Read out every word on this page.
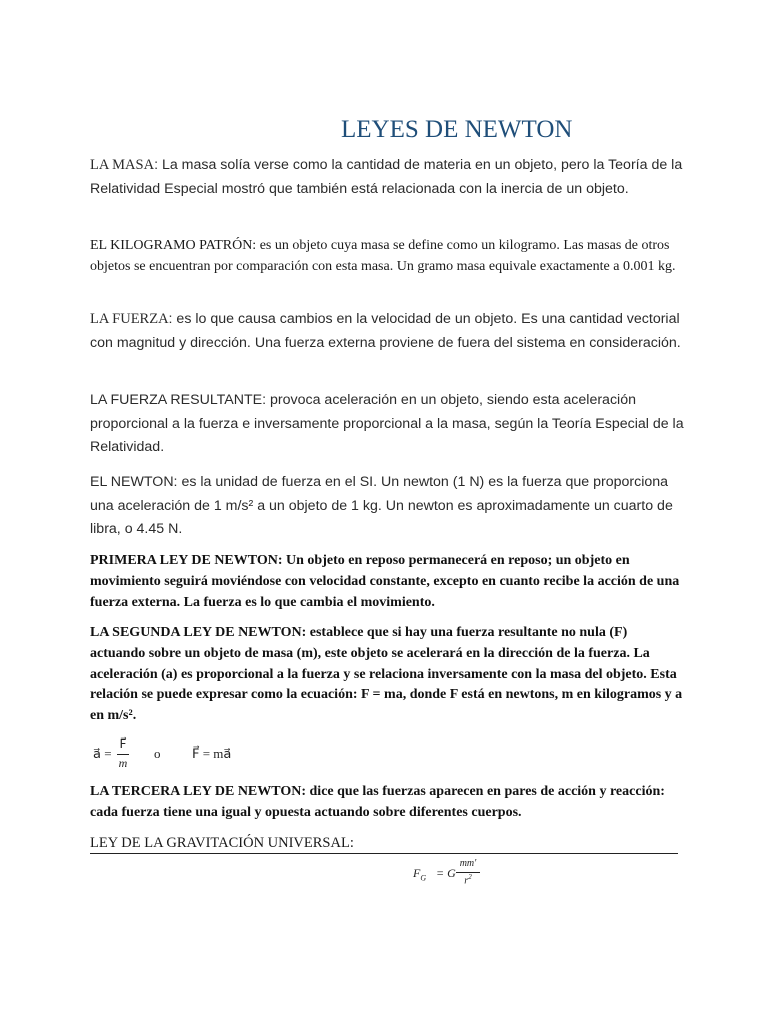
LEYES DE NEWTON

LA MASA: La masa solía verse como la cantidad de materia en un objeto, pero la Teoría de la Relatividad Especial mostró que también está relacionada con la inercia de un objeto.

EL KILOGRAMO PATRÓN: es un objeto cuya masa se define como un kilogramo. Las masas de otros objetos se encuentran por comparación con esta masa. Un gramo masa equivale exactamente a 0.001 kg.

LA FUERZA: es lo que causa cambios en la velocidad de un objeto. Es una cantidad vectorial con magnitud y dirección. Una fuerza externa proviene de fuera del sistema en consideración.

LA FUERZA RESULTANTE: provoca aceleración en un objeto, siendo esta aceleración proporcional a la fuerza e inversamente proporcional a la masa, según la Teoría Especial de la Relatividad.

EL NEWTON: es la unidad de fuerza en el SI. Un newton (1 N) es la fuerza que proporciona una aceleración de 1 m/s² a un objeto de 1 kg. Un newton es aproximadamente un cuarto de libra, o 4.45 N.

PRIMERA LEY DE NEWTON: Un objeto en reposo permanecerá en reposo; un objeto en movimiento seguirá moviéndose con velocidad constante, excepto en cuanto recibe la acción de una fuerza externa. La fuerza es lo que cambia el movimiento.

LA SEGUNDA LEY DE NEWTON: establece que si hay una fuerza resultante no nula (F) actuando sobre un objeto de masa (m), este objeto se acelerará en la dirección de la fuerza. La aceleración (a) es proporcional a la fuerza y se relaciona inversamente con la masa del objeto. Esta relación se puede expresar como la ecuación: F = ma, donde F está en newtons, m en kilogramos y a en m/s².

a⃗ =
F⃗
m
o F⃗ = ma⃗

LA TERCERA LEY DE NEWTON: dice que las fuerzas aparecen en pares de acción y reacción: cada fuerza tiene una igual y opuesta actuando sobre diferentes cuerpos.

LEY DE LA GRAVITACIÓN UNIVERSAL:
$F_G = G$
mm'
$r^2$
